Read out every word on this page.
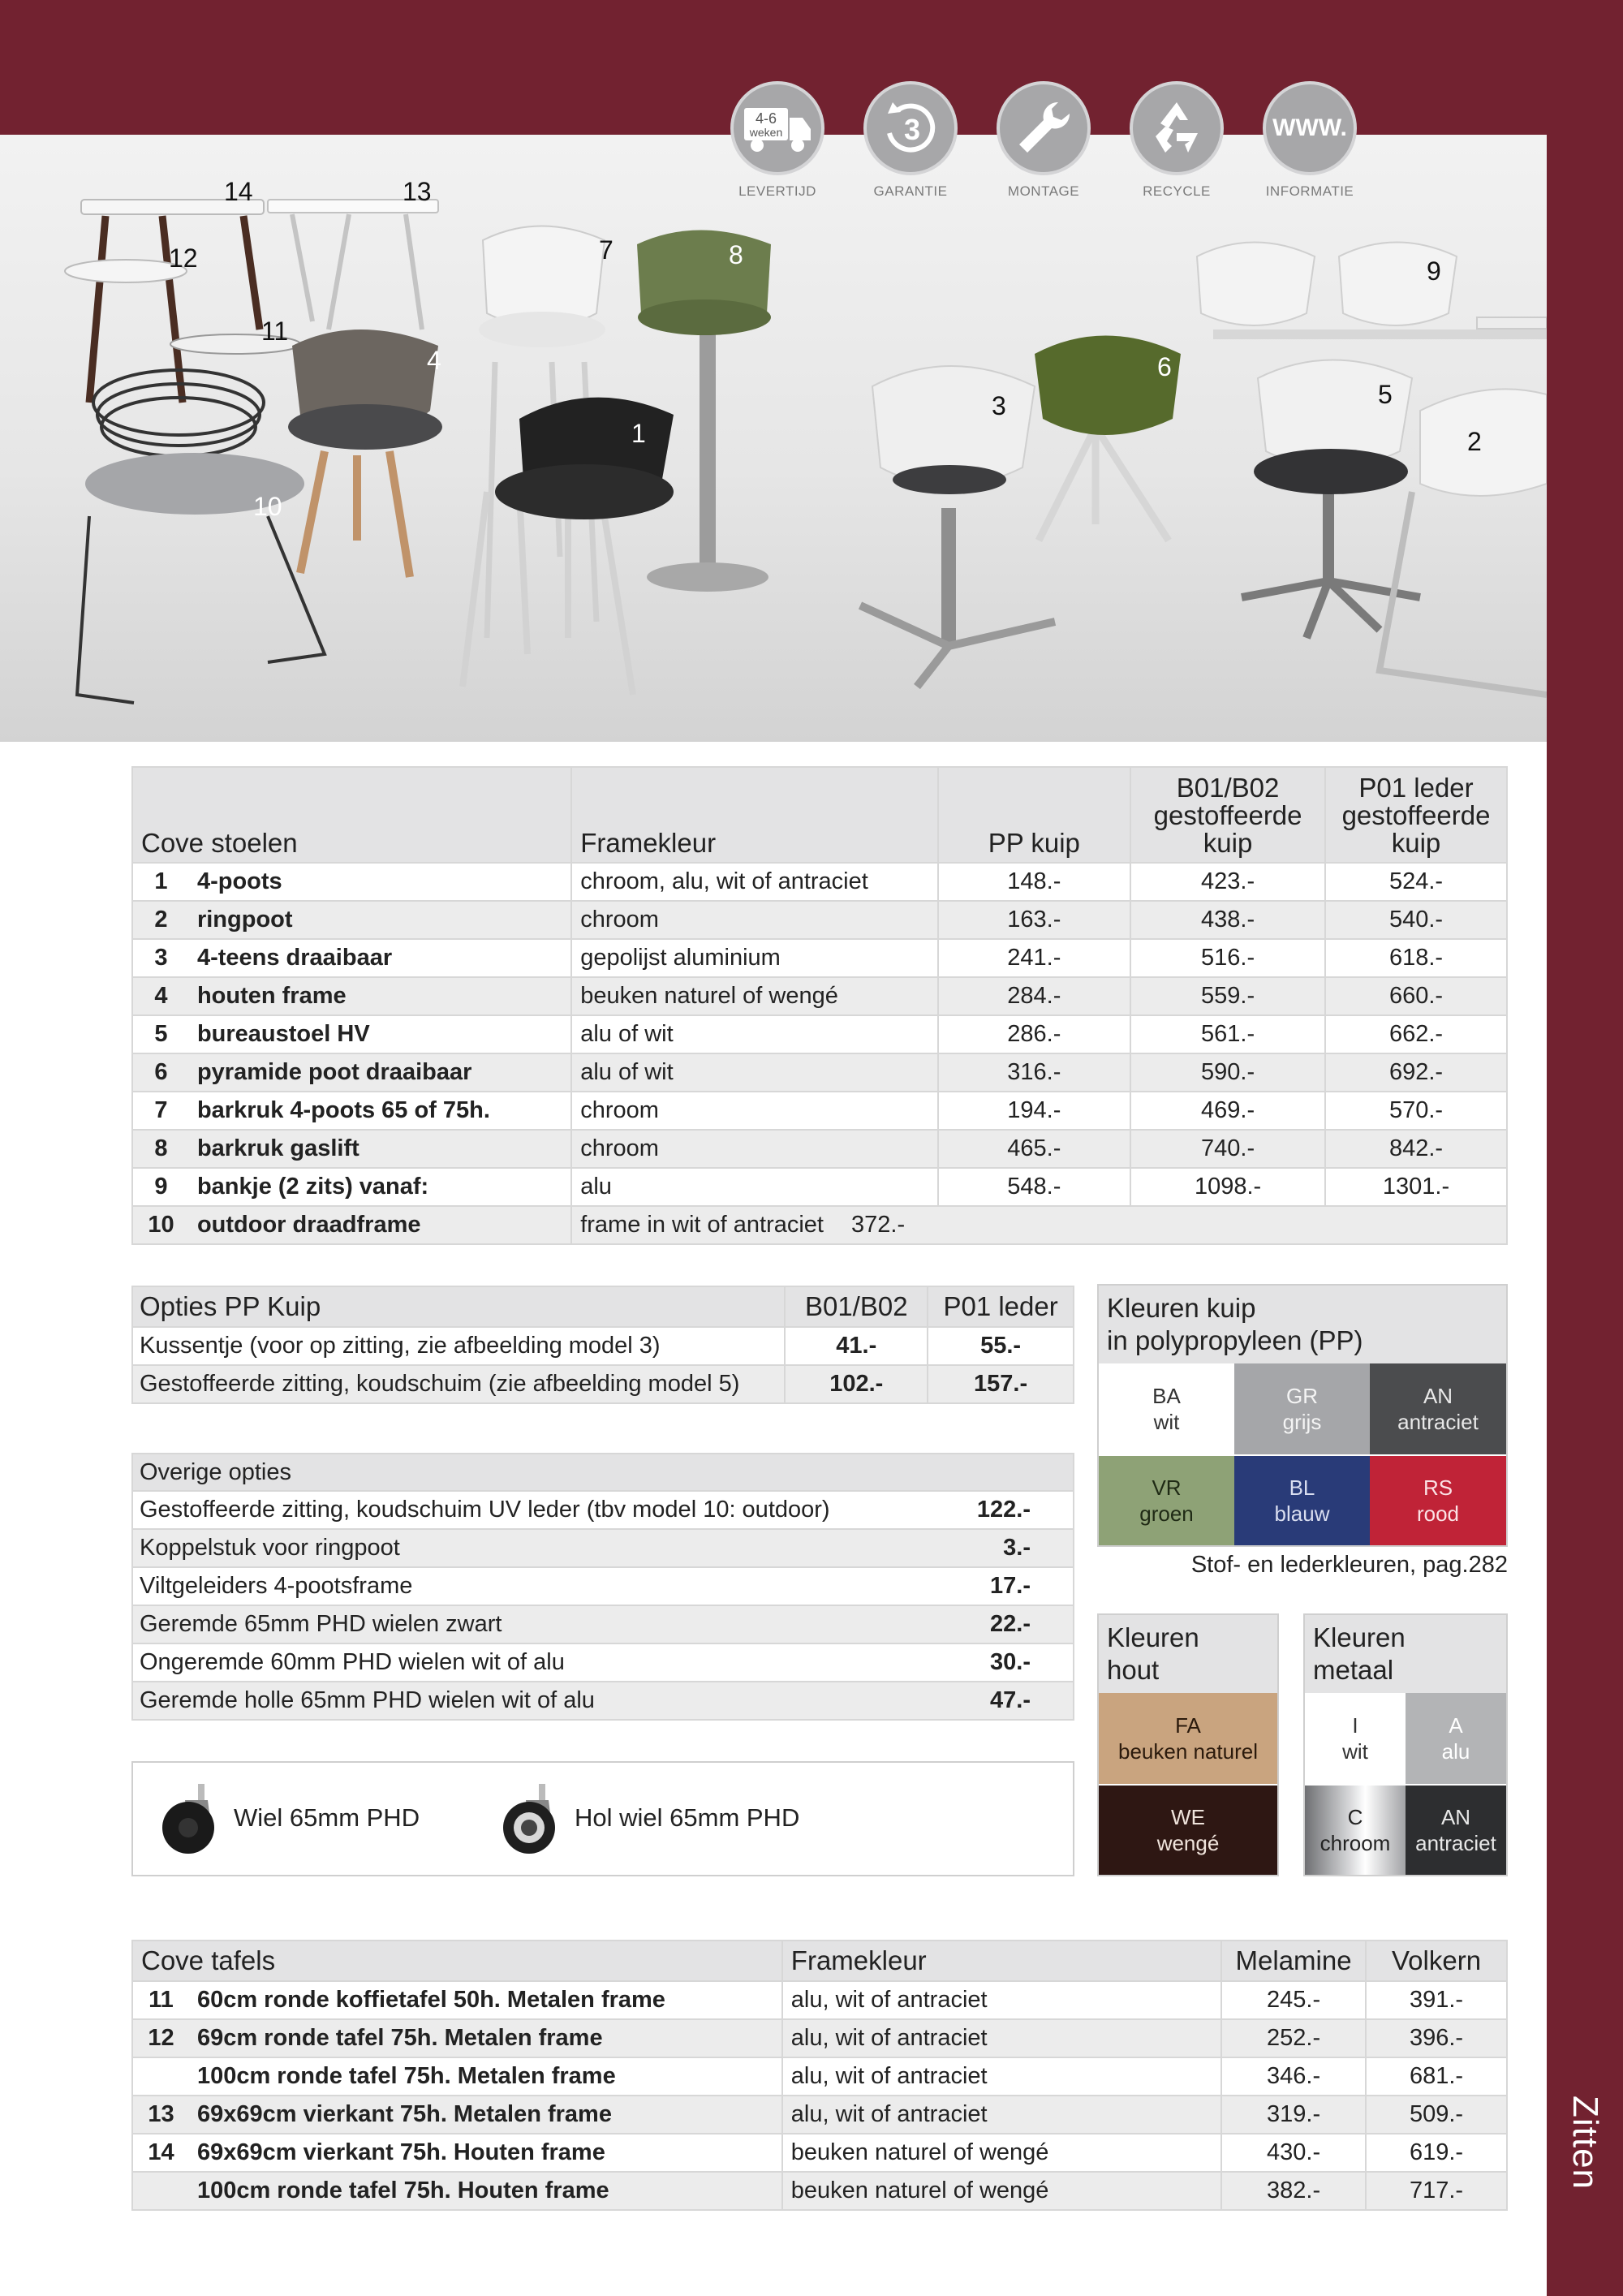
Zitten
14	13
12
11
10
7	8
4
1
3
6
5
2
9
4-6
weken
LEVERTIJD
3
GARANTIE	MONTAGE	RECYCLE
WWW.
INFORMATIE
Cove stoelen		Framekleur	PP kuip	B01/B02 gestoffeerde kuip	P01 leder gestoffeerde kuip
1	4-poots	chroom, alu, wit of antraciet	148.-	423.-	524.-
2	ringpoot	chroom	163.-	438.-	540.-
3	4-teens draaibaar	gepolijst aluminium	241.-	516.-	618.-
4	houten frame	beuken naturel of wengé	284.-	559.-	660.-
5	bureaustoel HV	alu of wit	286.-	561.-	662.-
6	pyramide poot draaibaar	alu of wit	316.-	590.-	692.-
7	barkruk 4-poots 65 of 75h.	chroom	194.-	469.-	570.-
8	barkruk gaslift	chroom	465.-	740.-	842.-
9	bankje (2 zits) vanaf:	alu	548.-	1098.-	1301.-
10	outdoor draadframe	frame in wit of antraciet 372.-			
Opties PP Kuip	B01/B02	P01 leder
Kussentje (voor op zitting, zie afbeelding model 3)	41.-	55.-
Gestoffeerde zitting, koudschuim (zie afbeelding model 5)	102.-	157.-
Overige opties	
Gestoffeerde zitting, koudschuim UV leder (tbv model 10: outdoor)	122.-
Koppelstuk voor ringpoot	3.-
Viltgeleiders 4-pootsframe	17.-
Geremde 65mm PHD wielen zwart	22.-
Ongeremde 60mm PHD wielen wit of alu	30.-
Geremde holle 65mm PHD wielen wit of alu	47.-
Wiel 65mm PHD	Hol wiel 65mm PHD
Kleuren kuip
in polypropyleen (PP)
BA
wit
GR
grijs
AN
antraciet
VR
groen
BL
blauw
RS
rood
Stof- en lederkleuren, pag.282
Kleuren
hout
FA
beuken naturel
WE
wengé
Kleuren
metaal
I
wit
A
alu
C
chroom
AN
antraciet
Cove tafels		Framekleur	Melamine	Volkern
11	60cm ronde koffietafel 50h. Metalen frame	alu, wit of antraciet	245.-	391.-
12	69cm ronde tafel 75h. Metalen frame	alu, wit of antraciet	252.-	396.-
	100cm ronde tafel 75h. Metalen frame	alu, wit of antraciet	346.-	681.-
13	69x69cm vierkant 75h. Metalen frame	alu, wit of antraciet	319.-	509.-
14	69x69cm vierkant 75h. Houten frame	beuken naturel of wengé	430.-	619.-
	100cm ronde tafel 75h. Houten frame	beuken naturel of wengé	382.-	717.-
